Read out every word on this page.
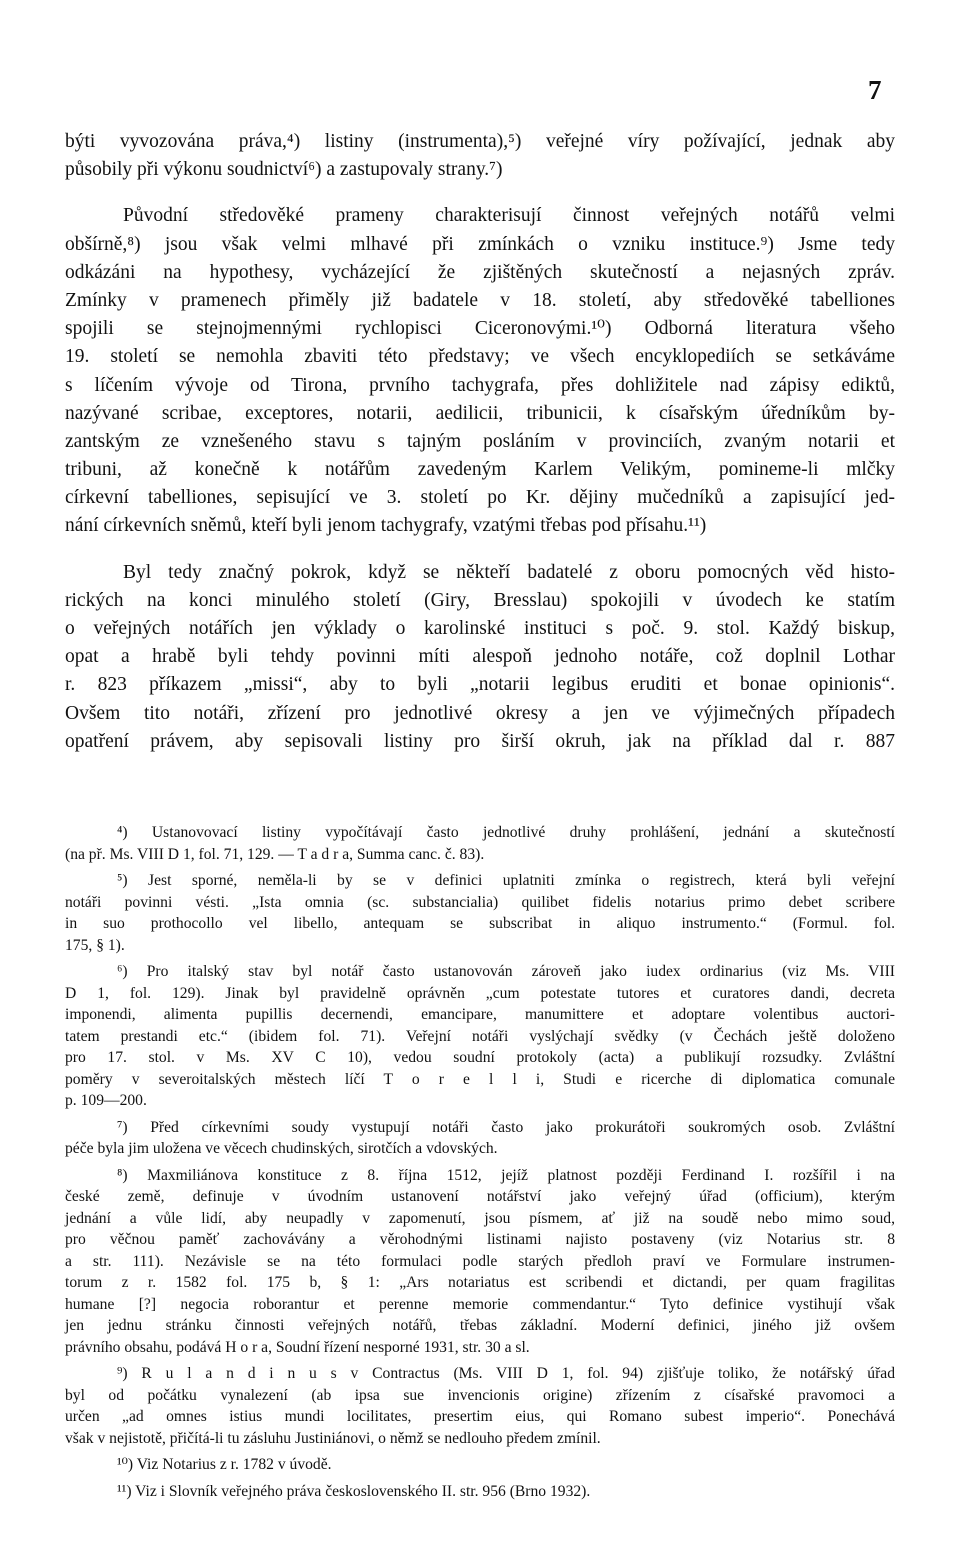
7
býti vyvozována práva,⁴) listiny (instrumenta),⁵) veřejné víry požívající, jednak aby
působily při výkonu soudnictví⁶) a zastupovaly strany.⁷)
Původní středověké prameny charakterisují činnost veřejných notářů velmi
obšírně,⁸) jsou však velmi mlhavé při zmínkách o vzniku instituce.⁹) Jsme tedy
odkázáni na hypothesy, vycházející že zjištěných skutečností a nejasných zpráv.
Zmínky v pramenech přiměly již badatele v 18. století, aby středověké tabelliones
spojili se stejnojmennými rychlopisci Ciceronovými.¹⁰) Odborná literatura všeho
19. století se nemohla zbaviti této představy; ve všech encyklopediích se setkáváme
s líčením vývoje od Tirona, prvního tachygrafa, přes dohližitele nad zápisy ediktů,
nazývané scribae, exceptores, notarii, aedilicii, tribunicii, k císařským úředníkům by-
zantským ze vznešeného stavu s tajným posláním v provinciích, zvaným notarii et
tribuni, až konečně k notářům zavedeným Karlem Velikým, pomineme-li mlčky
církevní tabelliones, sepisující ve 3. století po Kr. dějiny mučedníků a zapisující jed-
nání církevních sněmů, kteří byli jenom tachygrafy, vzatými třebas pod přísahu.¹¹)
Byl tedy značný pokrok, když se někteří badatelé z oboru pomocných věd histo-
rických na konci minulého století (Giry, Bresslau) spokojili v úvodech ke statím
o veřejných notářích jen výklady o karolinské instituci s poč. 9. stol. Každý biskup,
opat a hrabě byli tehdy povinni míti alespoň jednoho notáře, což doplnil Lothar
r. 823 příkazem „missi“, aby to byli „notarii legibus eruditi et bonae opinionis“.
Ovšem tito notáři, zřízení pro jednotlivé okresy a jen ve výjimečných případech
opatření právem, aby sepisovali listiny pro širší okruh, jak na příklad dal r. 887
⁴) Ustanovovací listiny vypočítávají často jednotlivé druhy prohlášení, jednání a skutečností
(na př. Ms. VIII D 1, fol. 71, 129. — T a d r a, Summa canc. č. 83).
⁵) Jest sporné, neměla-li by se v definici uplatniti zmínka o registrech, která byli veřejní
notáři povinni vésti. „Ista omnia (sc. substancialia) quilibet fidelis notarius primo debet scribere
in suo prothocollo vel libello, antequam se subscribat in aliquo instrumento.“ (Formul. fol.
175, § 1).
⁶) Pro italský stav byl notář často ustanovován zároveň jako iudex ordinarius (viz Ms. VIII
D 1, fol. 129). Jinak byl pravidelně oprávněn „cum potestate tutores et curatores dandi, decreta
imponendi, alimenta pupillis decernendi, emancipare, manumittere et adoptare volentibus auctori-
tatem prestandi etc.“ (ibidem fol. 71). Veřejní notáři vyslýchají svědky (v Čechách ještě doloženo
pro 17. stol. v Ms. XV C 10), vedou soudní protokoly (acta) a publikují rozsudky. Zvláštní
poměry v severoitalských městech líčí T o r e l l i, Studi e ricerche di diplomatica comunale
p. 109—200.
⁷) Před církevními soudy vystupují notáři často jako prokurátoři soukromých osob. Zvláštní
péče byla jim uložena ve věcech chudinských, sirotčích a vdovských.
⁸) Maxmiliánova konstituce z 8. října 1512, jejíž platnost později Ferdinand I. rozšířil i na
české země, definuje v úvodním ustanovení notářství jako veřejný úřad (officium), kterým
jednání a vůle lidí, aby neupadly v zapomenutí, jsou písmem, ať již na soudě nebo mimo soud,
pro věčnou paměť zachovávány a věrohodnými listinami najisto postaveny (viz Notarius str. 8
a str. 111). Nezávisle se na této formulaci podle starých předloh praví ve Formulare instrumen-
torum z r. 1582 fol. 175 b, § 1: „Ars notariatus est scribendi et dictandi, per quam fragilitas
humane [?] negocia roborantur et perenne memorie commendantur.“ Tyto definice vystihují však
jen jednu stránku činnosti veřejných notářů, třebas základní. Moderní definici, jiného již ovšem
právního obsahu, podává H o r a, Soudní řízení nesporné 1931, str. 30 a sl.
⁹) R u l a n d i n u s v Contractus (Ms. VIII D 1, fol. 94) zjišťuje toliko, že notářský úřad
byl od počátku vynalezení (ab ipsa sue invencionis origine) zřízením z císařské pravomoci a
určen „ad omnes istius mundi locilitates, presertim eius, qui Romano subest imperio“. Ponechává
však v nejistotě, přičítá-li tu zásluhu Justiniánovi, o němž se nedlouho předem zmínil.
¹⁰) Viz Notarius z r. 1782 v úvodě.
¹¹) Viz i Slovník veřejného práva československého II. str. 956 (Brno 1932).
